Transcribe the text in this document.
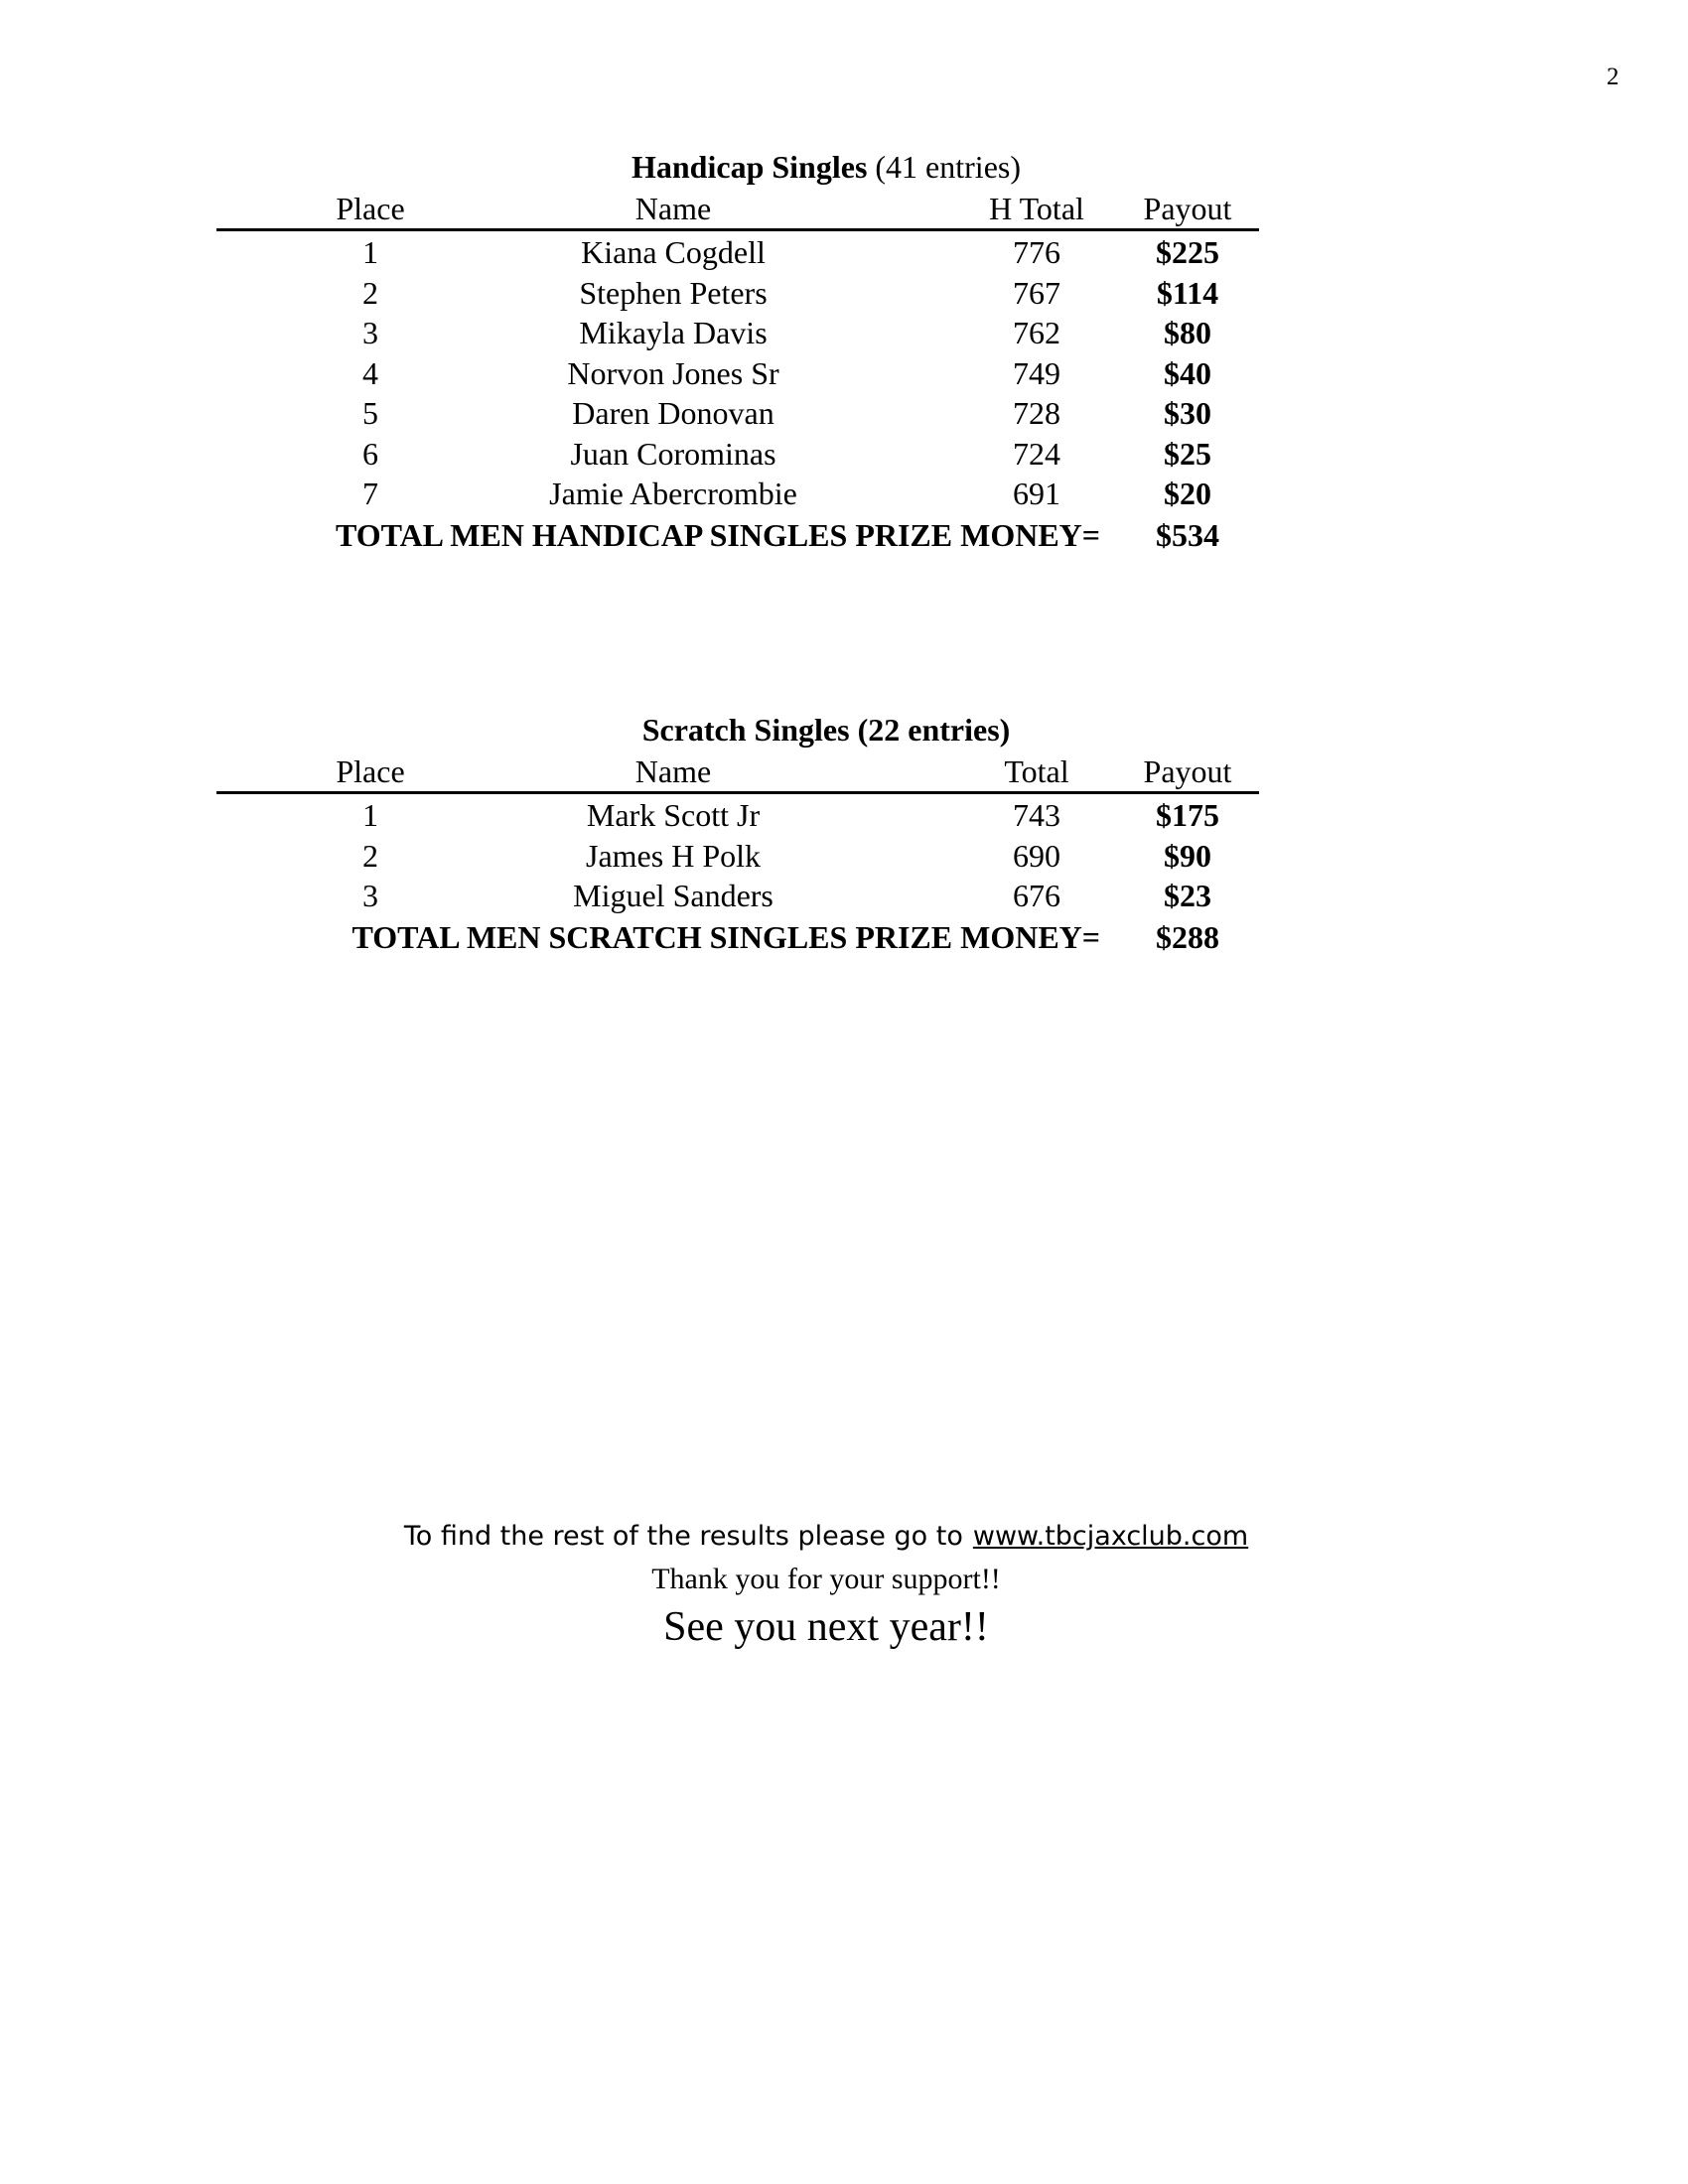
2
Handicap Singles (41 entries)
Place	Name	H Total	Payout
1	Kiana Cogdell	776	$225
2	Stephen Peters	767	$114
3	Mikayla Davis	762	$80
4	Norvon Jones Sr	749	$40
5	Daren Donovan	728	$30
6	Juan Corominas	724	$25
7	Jamie Abercrombie	691	$20
TOTAL MEN HANDICAP SINGLES PRIZE MONEY=	$534
Scratch Singles (22 entries)
Place	Name	Total	Payout
1	Mark Scott Jr	743	$175
2	James H Polk	690	$90
3	Miguel Sanders	676	$23
TOTAL MEN SCRATCH SINGLES PRIZE MONEY=	$288
To find the rest of the results please go to www.tbcjaxclub.com
Thank you for your support!!
See you next year!!
